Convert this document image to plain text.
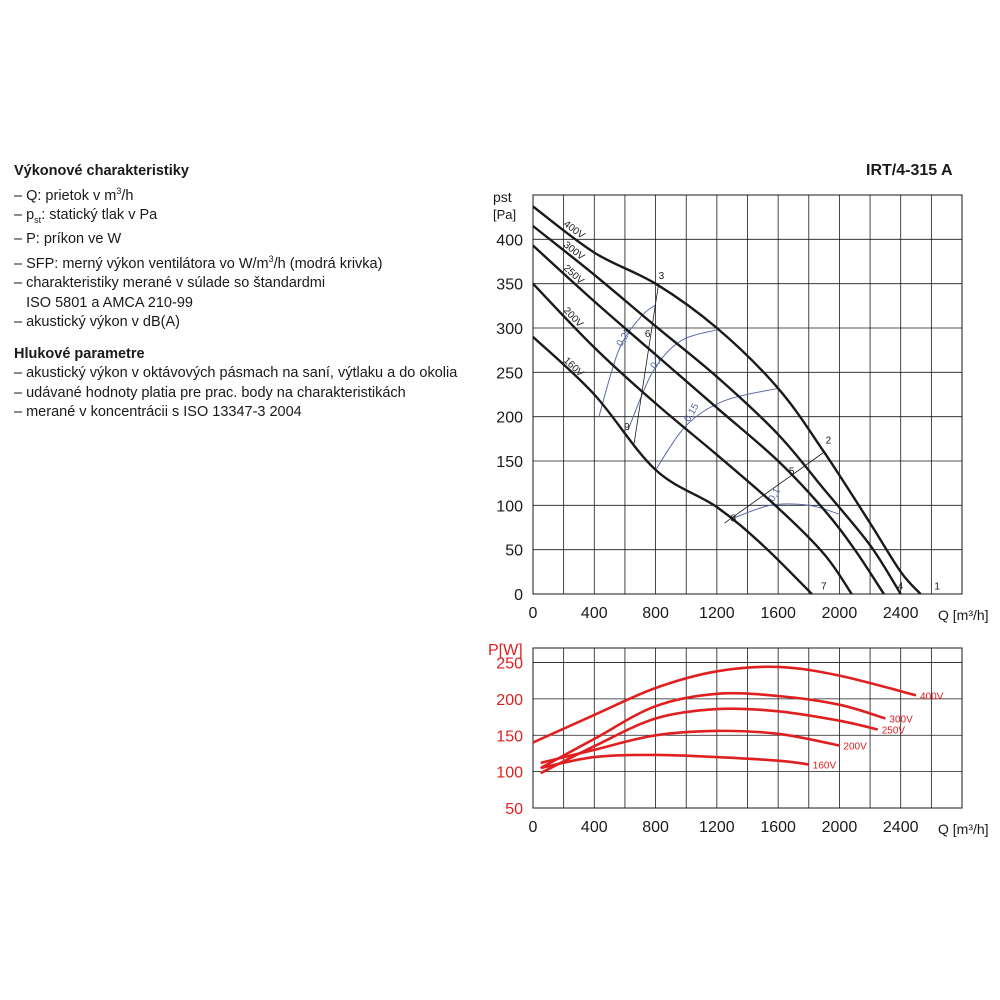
Výkonové charakteristiky
– Q: prietok v $m^3/h$
– $p_{st}$: statický tlak v Pa
– P: príkon ve W
– SFP: merný výkon ventilátora vo $W/m^3/h$ (modrá krivka)
– charakteristiky merané v súlade so štandardmi
ISO 5801 a AMCA 210-99
– akustický výkon v dB(A)
Hlukové parametre
– akustický výkon v oktávových pásmach na saní, výtlaku a do okolia
– udávané hodnoty platia pre prac. body na charakteristikách
– merané v koncentrácii s ISO 13347-3 2004
IRT/4-315 A
0	400 800 1200 1600 2000 2400
0
50
100
150
200
250
300
350
400
Q [m³/h]
pst
[Pa]
0,25
0,2
0,15
0,1
400V
300V
250V
200V
160V
1
2
3
4
5
6
7
8
9
0	400 800 1200 1600 2000 2400
50
100
150
200
250
Q [m³/h]
P[W]
400V
300V
250V
200V
160V
